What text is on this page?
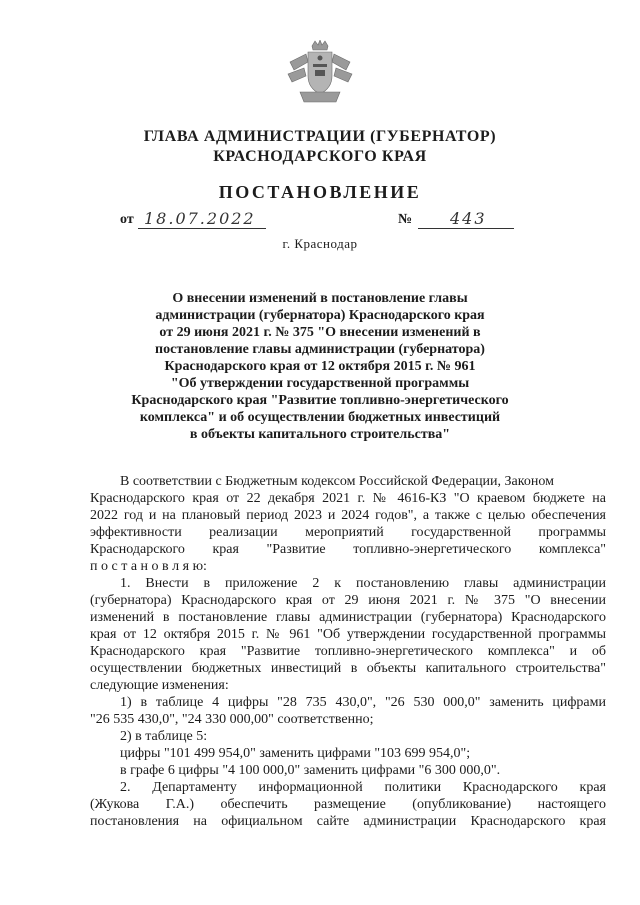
ГЛАВА АДМИНИСТРАЦИИ (ГУБЕРНАТОР)
КРАСНОДАРСКОГО КРАЯ
ПОСТАНОВЛЕНИЕ
от 18.07.2022	№ 443
г. Краснодар
О внесении изменений в постановление главы
администрации (губернатора) Краснодарского края
от 29 июня 2021 г. № 375 "О внесении изменений в
постановление главы администрации (губернатора)
Краснодарского края от 12 октября 2015 г. № 961
"Об утверждении государственной программы
Краснодарского края "Развитие топливно-энергетического
комплекса" и об осуществлении бюджетных инвестиций
в объекты капитального строительства"
В соответствии с Бюджетным кодексом Российской Федерации, Законом
Краснодарского края от 22 декабря 2021 г. № 4616-КЗ "О краевом бюджете на
2022 год и на плановый период 2023 и 2024 годов", а также с целью обеспечения
эффективности реализации мероприятий государственной программы
Краснодарского края "Развитие топливно-энергетического комплекса"
п о с т а н о в л я ю:
1. Внести в приложение 2 к постановлению главы администрации
(губернатора) Краснодарского края от 29 июня 2021 г. № 375 "О внесении
изменений в постановление главы администрации (губернатора) Краснодарского
края от 12 октября 2015 г. № 961 "Об утверждении государственной программы
Краснодарского края "Развитие топливно-энергетического комплекса" и об
осуществлении бюджетных инвестиций в объекты капитального строительства"
следующие изменения:
1) в таблице 4 цифры "28 735 430,0", "26 530 000,0" заменить цифрами
"26 535 430,0", "24 330 000,00" соответственно;
2) в таблице 5:
цифры "101 499 954,0" заменить цифрами "103 699 954,0";
в графе 6 цифры "4 100 000,0" заменить цифрами "6 300 000,0".
2. Департаменту информационной политики Краснодарского края
(Жукова Г.А.) обеспечить размещение (опубликование) настоящего
постановления на официальном сайте администрации Краснодарского края
